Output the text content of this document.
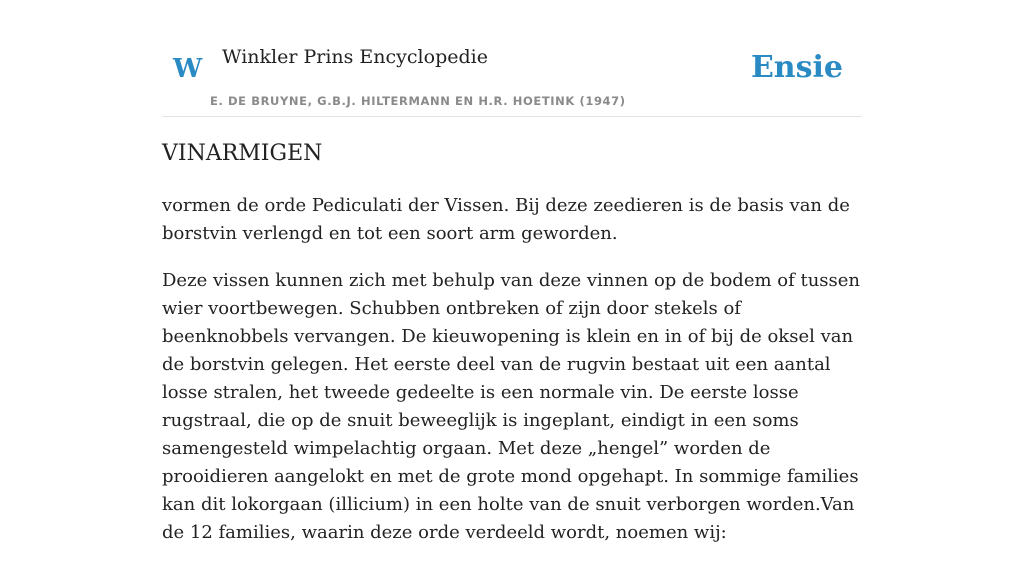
W Winkler Prins Encyclopedie
E. DE BRUYNE, G.B.J. HILTERMANN EN H.R. HOETINK (1947)
Ensie
VINARMIGEN

vormen de orde Pediculati der Vissen. Bij deze zeedieren is de basis van de borstvin verlengd en tot een soort arm geworden.

Deze vissen kunnen zich met behulp van deze vinnen op de bodem of tussen wier voortbewegen. Schubben ontbreken of zijn door stekels of beenknobbels vervangen. De kieuwopening is klein en in of bij de oksel van de borstvin gelegen. Het eerste deel van de rugvin bestaat uit een aantal losse stralen, het tweede gedeelte is een normale vin. De eerste losse rugstraal, die op de snuit beweeglijk is ingeplant, eindigt in een soms samengesteld wimpelachtig orgaan. Met deze „hengel” worden de prooidieren aangelokt en met de grote mond opgehapt. In sommige families kan dit lokorgaan (illicium) in een holte van de snuit verborgen worden.Van de 12 families, waarin deze orde verdeeld wordt, noemen wij:
